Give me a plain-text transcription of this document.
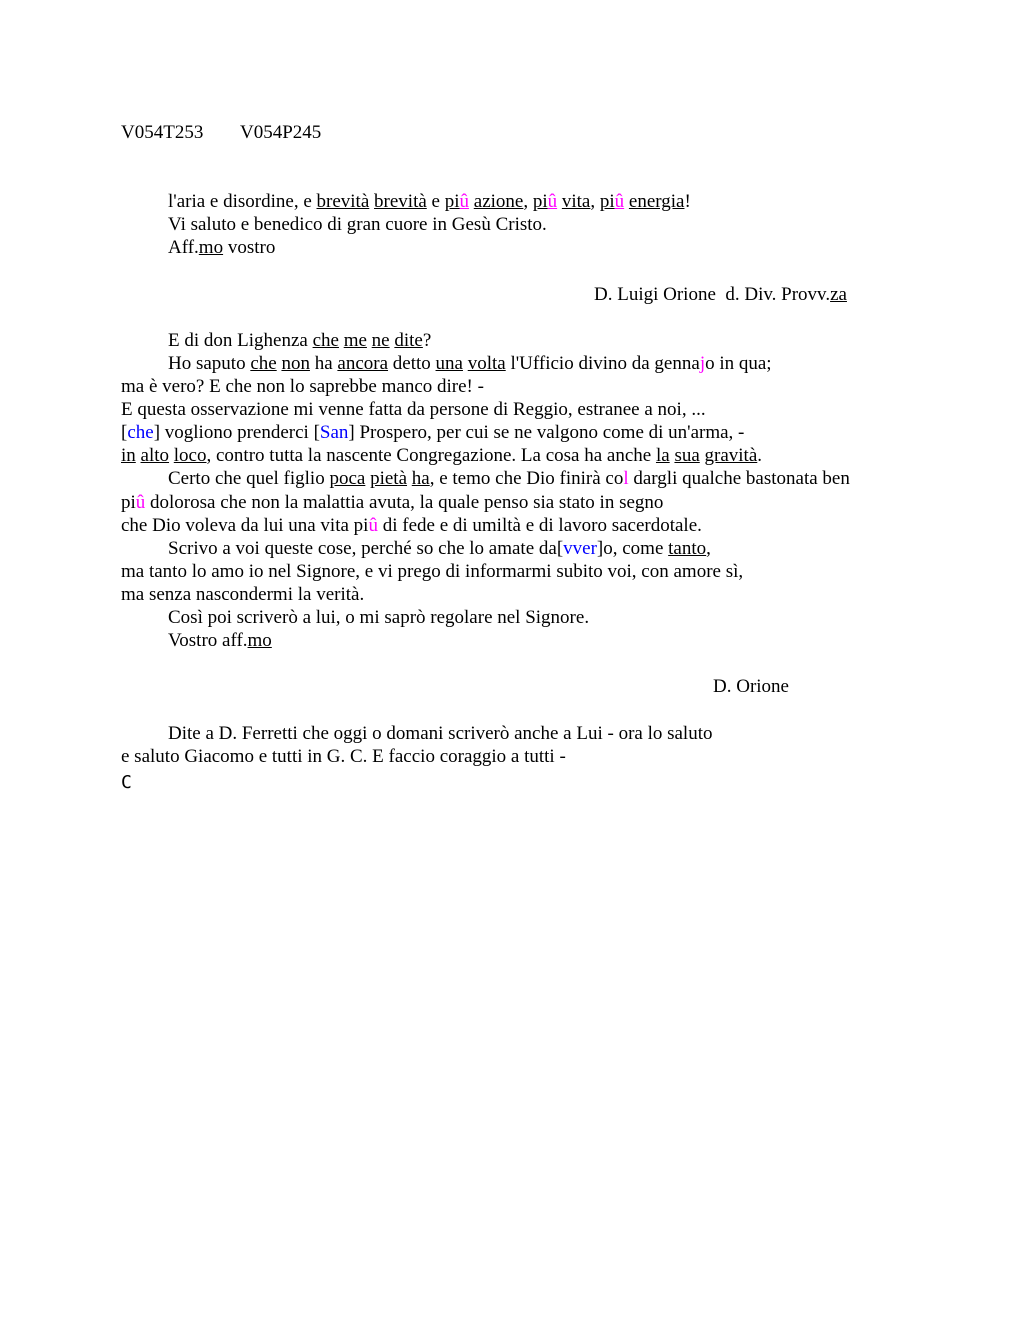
V054T253 V054P245
l'aria e disordine, e brevità brevità e piû azione, piû vita, piû energia!
Vi saluto e benedico di gran cuore in Gesù Cristo.
Aff.mo vostro
D. Luigi Orione  d. Div. Provv.za
E di don Lighenza che me ne dite?
Ho saputo che non ha ancora detto una volta l'Ufficio divino da gennajo in qua;
ma è vero? E che non lo saprebbe manco dire! -
E questa osservazione mi venne fatta da persone di Reggio, estranee a noi, ...
[che] vogliono prenderci [San] Prospero, per cui se ne valgono come di un'arma, -
in alto loco, contro tutta la nascente Congregazione. La cosa ha anche la sua gravità.
Certo che quel figlio poca pietà ha, e temo che Dio finirà col dargli qualche bastonata ben
piû dolorosa che non la malattia avuta, la quale penso sia stato in segno
che Dio voleva da lui una vita piû di fede e di umiltà e di lavoro sacerdotale.
Scrivo a voi queste cose, perché so che lo amate da[vver]o, come tanto,
ma tanto lo amo io nel Signore, e vi prego di informarmi subito voi, con amore sì,
ma senza nascondermi la verità.
Così poi scriverò a lui, o mi saprò regolare nel Signore.
Vostro aff.mo
D. Orione
Dite a D. Ferretti che oggi o domani scriverò anche a Lui - ora lo saluto
e saluto Giacomo e tutti in G. C. E faccio coraggio a tutti -
C
